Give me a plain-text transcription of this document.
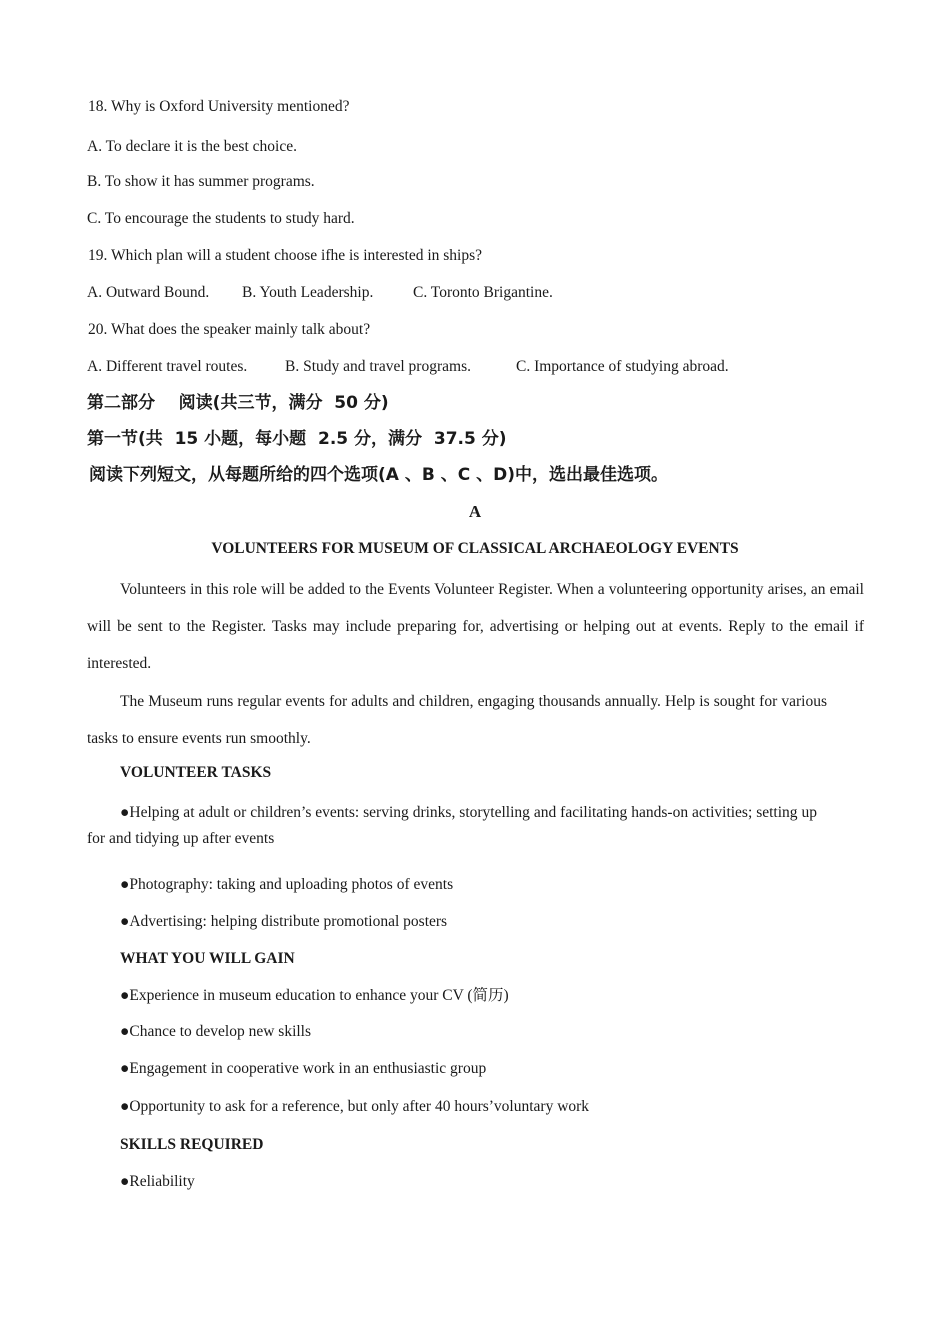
18. Why is Oxford University mentioned?
A. To declare it is the best choice.
B. To show it has summer programs.
C. To encourage the students to study hard.
19. Which plan will a student choose ifhe is interested in ships?
A. Outward Bound. B. Youth Leadership.	C. Toronto Brigantine.
20. What does the speaker mainly talk about?
A. Different travel routes. B. Study and travel programs.	C. Importance of studying abroad.
第二部分    阅读(共三节，满分  50 分)
第一节(共  15 小题，每小题  2.5 分，满分  37.5 分)
阅读下列短文，从每题所给的四个选项(A 、B 、C 、D)中，选出最佳选项。
A
VOLUNTEERS FOR MUSEUM OF CLASSICAL ARCHAEOLOGY EVENTS
Volunteers in this role will be added to the Events Volunteer Register. When a volunteering opportunity arises, an email will be sent to the Register. Tasks may include preparing for, advertising or helping out at events. Reply to the email if interested.
The Museum runs regular events for adults and children, engaging thousands annually. Help is sought for various tasks to ensure events run smoothly.
VOLUNTEER TASKS
●Helping at adult or children’s events: serving drinks, storytelling and facilitating hands-on activities; setting up for and tidying up after events
●Photography: taking and uploading photos of events
●Advertising: helping distribute promotional posters
WHAT YOU WILL GAIN
●Experience in museum education to enhance your CV (简历)
●Chance to develop new skills
●Engagement in cooperative work in an enthusiastic group
●Opportunity to ask for a reference, but only after 40 hours’voluntary work
SKILLS REQUIRED
●Reliability
